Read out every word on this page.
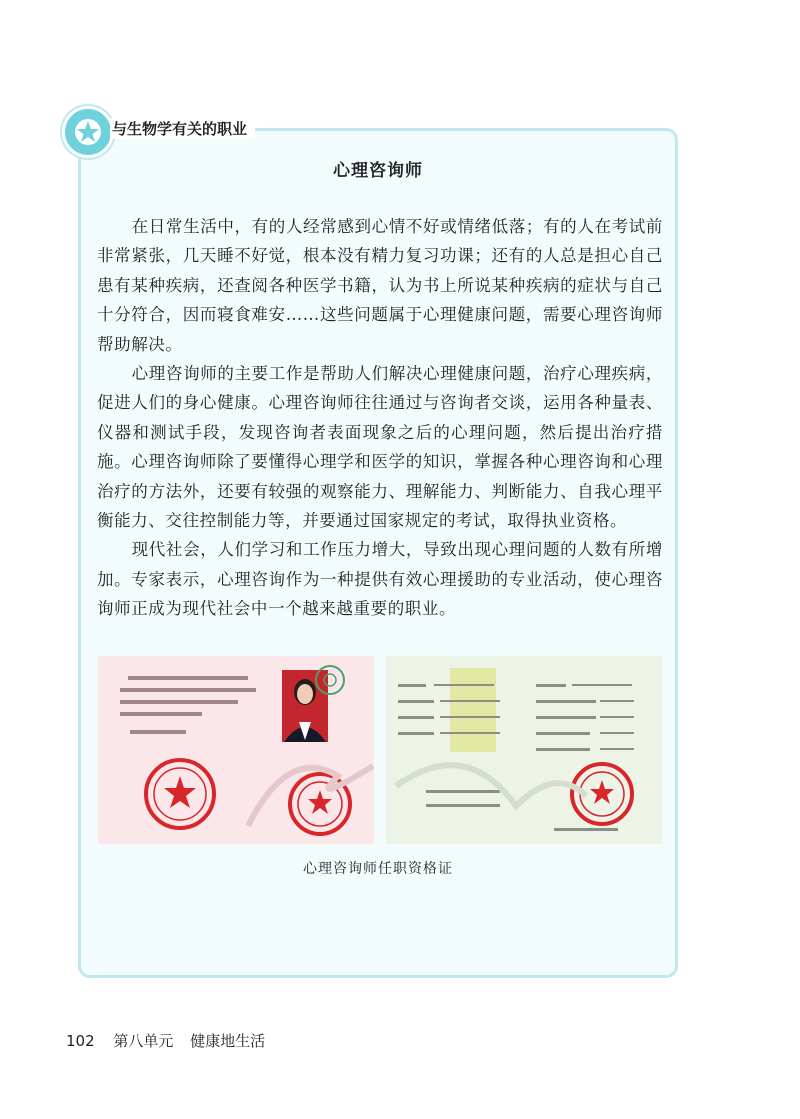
与生物学有关的职业
心理咨询师

在日常生活中，有的人经常感到心情不好或情绪低落；有的人在考试前非常紧张，几天睡不好觉，根本没有精力复习功课；还有的人总是担心自己患有某种疾病，还查阅各种医学书籍，认为书上所说某种疾病的症状与自己十分符合，因而寝食难安……这些问题属于心理健康问题，需要心理咨询师帮助解决。

心理咨询师的主要工作是帮助人们解决心理健康问题，治疗心理疾病，促进人们的身心健康。心理咨询师往往通过与咨询者交谈，运用各种量表、仪器和测试手段，发现咨询者表面现象之后的心理问题，然后提出治疗措施。心理咨询师除了要懂得心理学和医学的知识，掌握各种心理咨询和心理治疗的方法外，还要有较强的观察能力、理解能力、判断能力、自我心理平衡能力、交往控制能力等，并要通过国家规定的考试，取得执业资格。

现代社会，人们学习和工作压力增大，导致出现心理问题的人数有所增加。专家表示，心理咨询作为一种提供有效心理援助的专业活动，使心理咨询师正成为现代社会中一个越来越重要的职业。

心理咨询师任职资格证
102 第八单元 健康地生活
